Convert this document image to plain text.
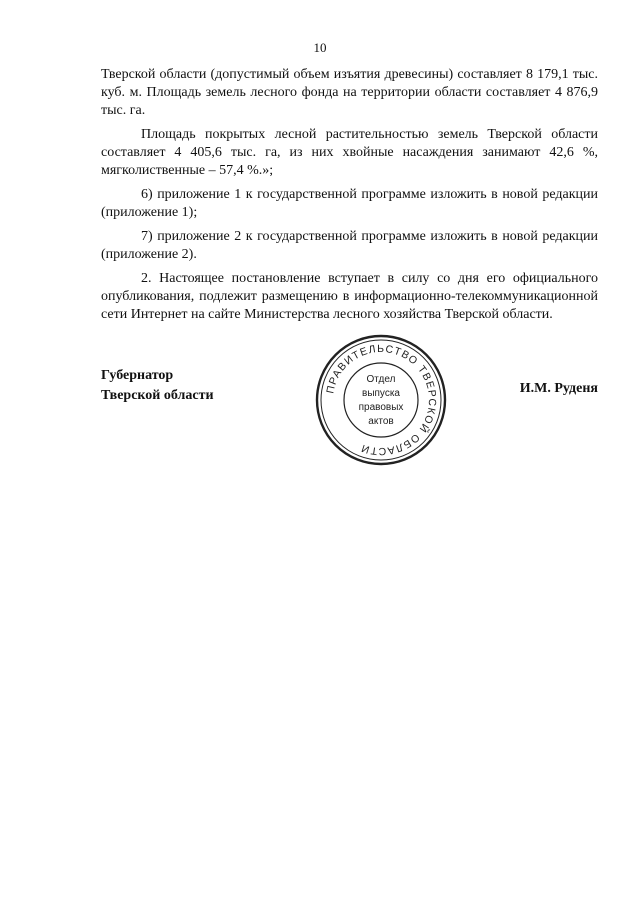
10

Тверской области (допустимый объем изъятия древесины) составляет 8 179,1 тыс. куб. м. Площадь земель лесного фонда на территории области составляет 4 876,9 тыс. га.

Площадь покрытых лесной растительностью земель Тверской области составляет 4 405,6 тыс. га, из них хвойные насаждения занимают 42,6 %, мягколиственные – 57,4 %.»;

6) приложение 1 к государственной программе изложить в новой редакции (приложение 1);

7) приложение 2 к государственной программе изложить в новой редакции (приложение 2).

2. Настоящее постановление вступает в силу со дня его официального опубликования, подлежит размещению в информационно-телекоммуникационной сети Интернет на сайте Министерства лесного хозяйства Тверской области.

Губернатор
Тверской области	И.М. Руденя
ПРАВИТЕЛЬСТВО ТВЕРСКОЙ ОБЛАСТИ
Отдел
выпуска
правовых
актов
